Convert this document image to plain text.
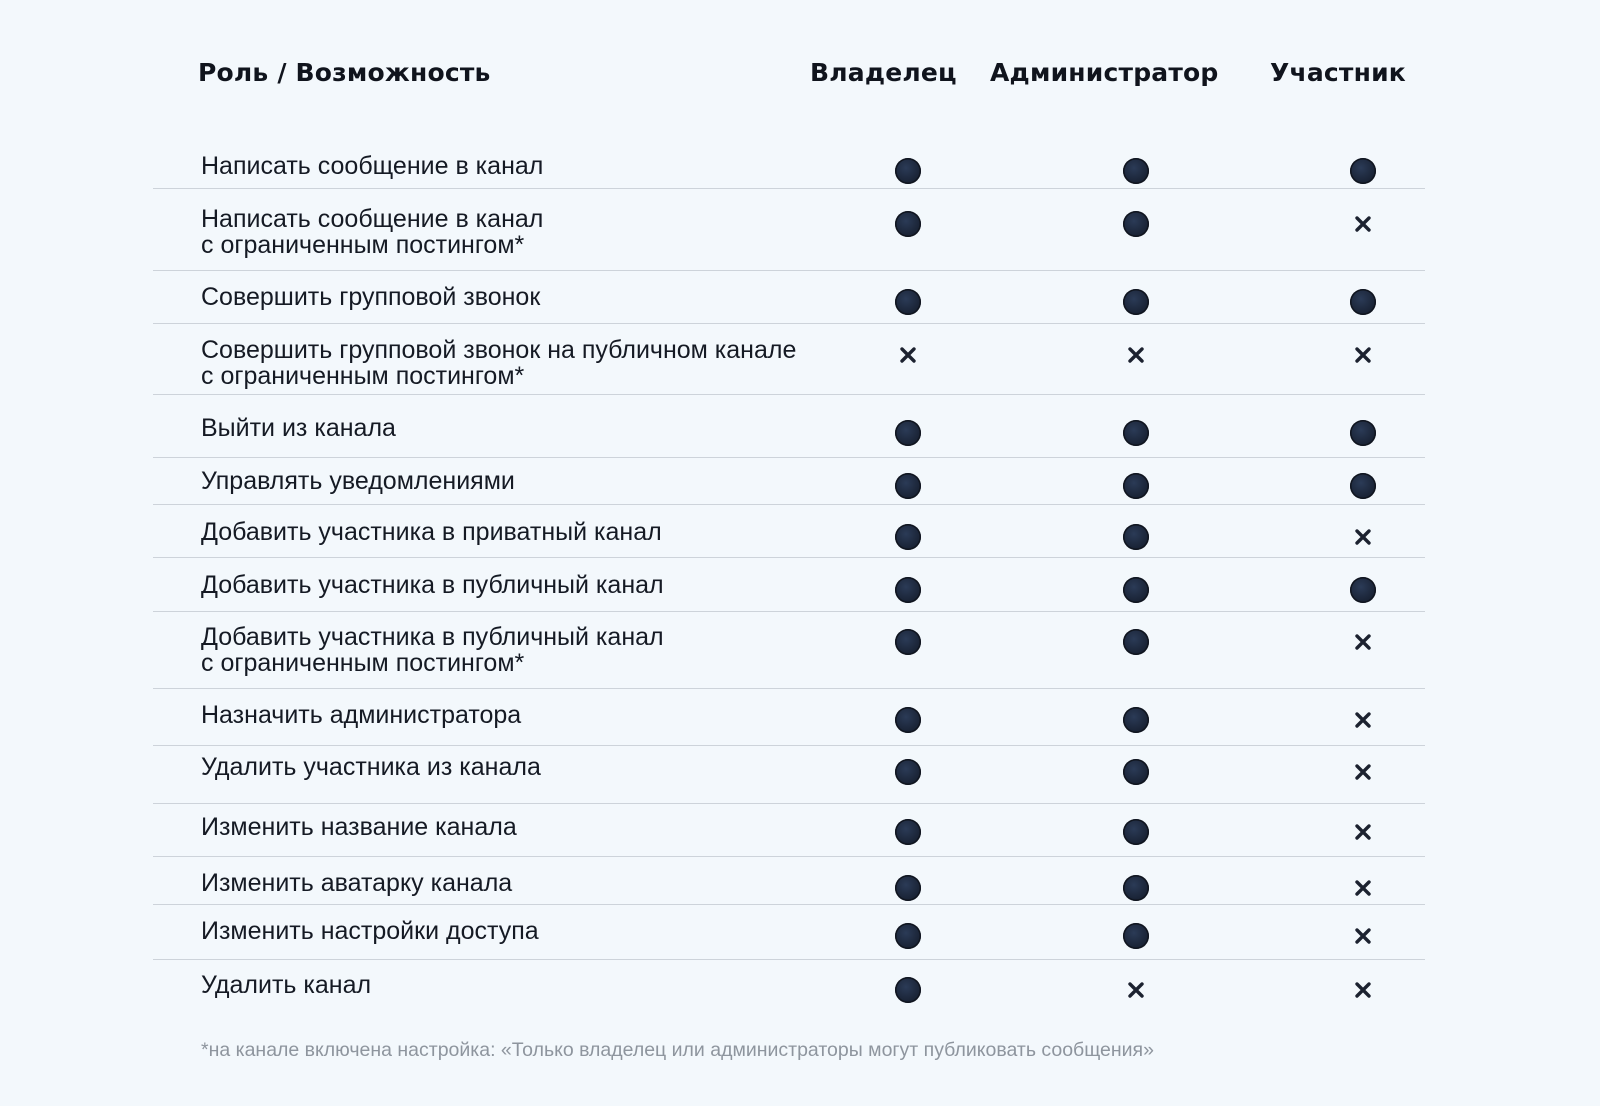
Роль / Возможность	Владелец Администратор Участник
Написать сообщение в канал
Написать сообщение в канал
с ограниченным постингом*
Совершить групповой звонок
Совершить групповой звонок на публичном канале
с ограниченным постингом*
Выйти из канала
Управлять уведомлениями
Добавить участника в приватный канал
Добавить участника в публичный канал
Добавить участника в публичный канал
с ограниченным постингом*
Назначить администратора
Удалить участника из канала
Изменить название канала
Изменить аватарку канала
Изменить настройки доступа
Удалить канал
*на канале включена настройка: «Только владелец или администраторы могут публиковать сообщения»
